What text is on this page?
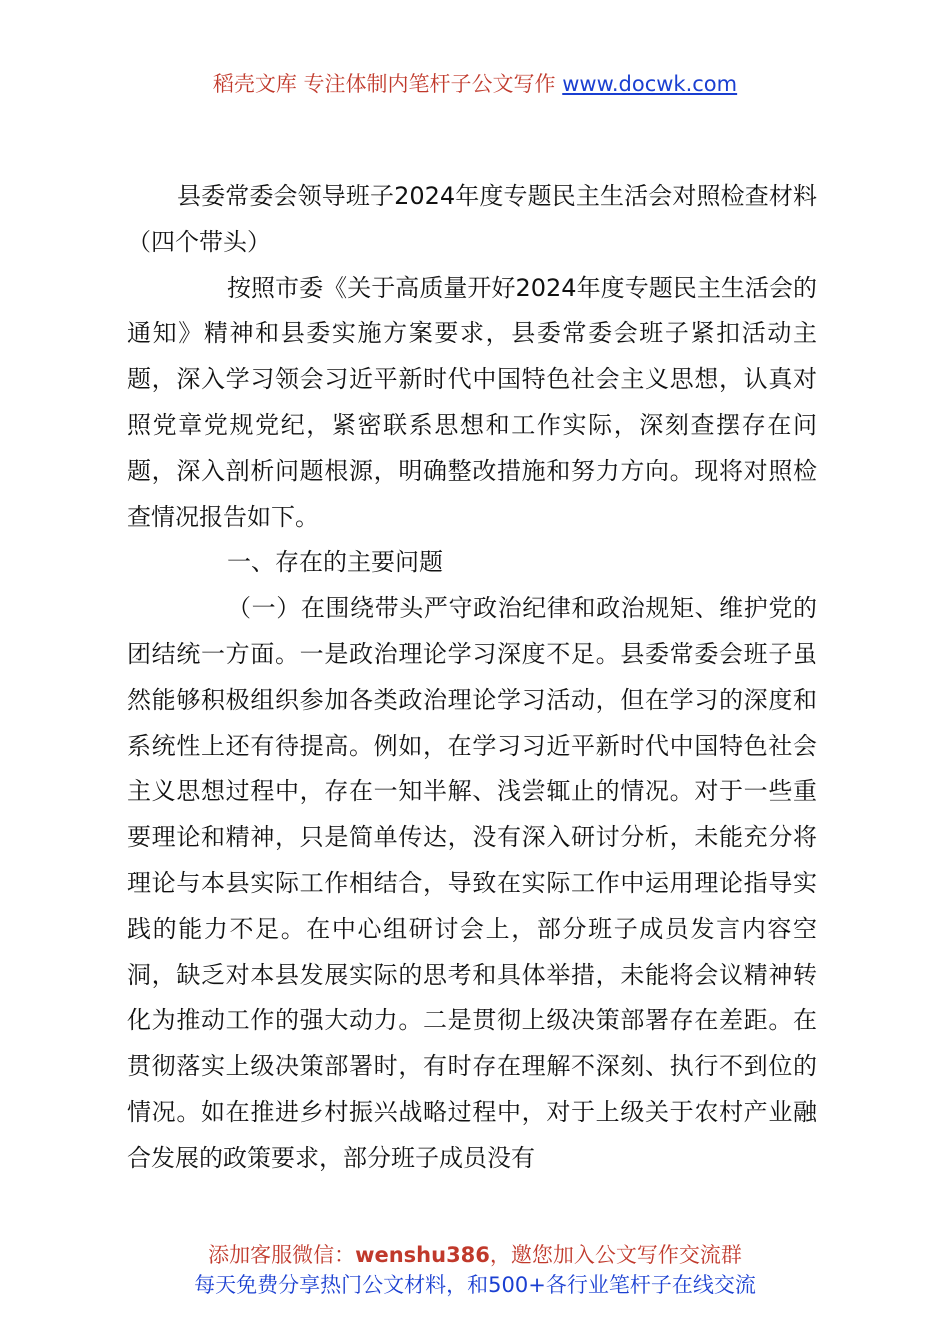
稻壳文库 专注体制内笔杆子公文写作 www.docwk.com

县委常委会领导班子2024年度专题民主生活会对照检查材料（四个带头）

按照市委《关于高质量开好2024年度专题民主生活会的通知》精神和县委实施方案要求，县委常委会班子紧扣活动主题，深入学习领会习近平新时代中国特色社会主义思想，认真对照党章党规党纪，紧密联系思想和工作实际，深刻查摆存在问题，深入剖析问题根源，明确整改措施和努力方向。现将对照检查情况报告如下。

一、存在的主要问题

（一）在围绕带头严守政治纪律和政治规矩、维护党的团结统一方面。一是政治理论学习深度不足。县委常委会班子虽然能够积极组织参加各类政治理论学习活动，但在学习的深度和系统性上还有待提高。例如，在学习习近平新时代中国特色社会主义思想过程中，存在一知半解、浅尝辄止的情况。对于一些重要理论和精神，只是简单传达，没有深入研讨分析，未能充分将理论与本县实际工作相结合，导致在实际工作中运用理论指导实践的能力不足。在中心组研讨会上，部分班子成员发言内容空洞，缺乏对本县发展实际的思考和具体举措，未能将会议精神转化为推动工作的强大动力。二是贯彻上级决策部署存在差距。在贯彻落实上级决策部署时，有时存在理解不深刻、执行不到位的情况。如在推进乡村振兴战略过程中，对于上级关于农村产业融合发展的政策要求，部分班子成员没有

添加客服微信：wenshu386，邀您加入公文写作交流群
每天免费分享热门公文材料，和500+各行业笔杆子在线交流
